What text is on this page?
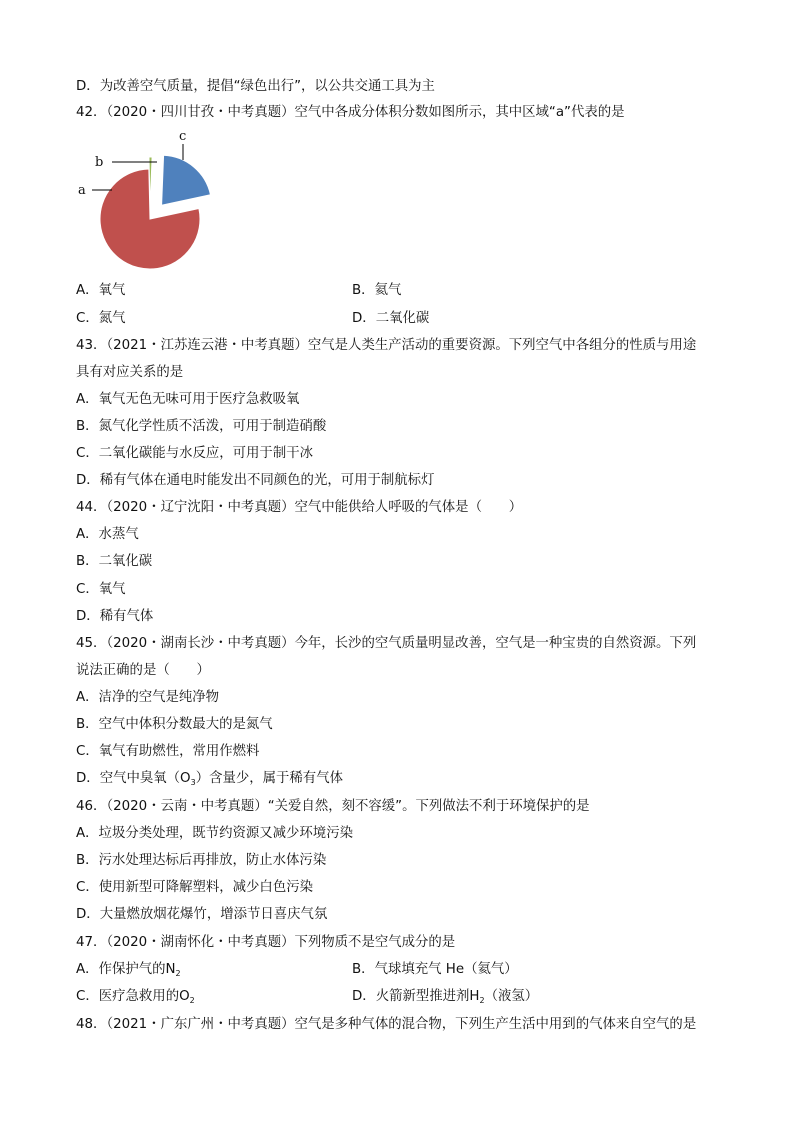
D．为改善空气质量，提倡“绿色出行”，以公共交通工具为主
42．（2020・四川甘孜・中考真题）空气中各成分体积分数如图所示，其中区域“a”代表的是
a
b
c
A．氧气	B．氦气
C．氮气	D．二氧化碳
43．（2021・江苏连云港・中考真题）空气是人类生产活动的重要资源。下列空气中各组分的性质与用途
具有对应关系的是
A．氧气无色无味可用于医疗急救吸氧
B．氮气化学性质不活泼，可用于制造硝酸
C．二氧化碳能与水反应，可用于制干冰
D．稀有气体在通电时能发出不同颜色的光，可用于制航标灯
44．（2020・辽宁沈阳・中考真题）空气中能供给人呼吸的气体是（　　）
A．水蒸气
B．二氧化碳
C．氧气
D．稀有气体
45．（2020・湖南长沙・中考真题）今年，长沙的空气质量明显改善，空气是一种宝贵的自然资源。下列
说法正确的是（　　）
A．洁净的空气是纯净物
B．空气中体积分数最大的是氮气
C．氧气有助燃性，常用作燃料
D．空气中臭氧$(O_3)$含量少，属于稀有气体
46．（2020・云南・中考真题）“关爱自然，刻不容缓”。下列做法不利于环境保护的是
A．垃圾分类处理，既节约资源又减少环境污染
B．污水处理达标后再排放，防止水体污染
C．使用新型可降解塑料，减少白色污染
D．大量燃放烟花爆竹，增添节日喜庆气氛
47．（2020・湖南怀化・中考真题）下列物质不是空气成分的是
A．作保护气的$N_2$	B．气球填充气 He（氦气）
C．医疗急救用的$O_2$	D．火箭新型推进剂$H_2$（液氢）
48．（2021・广东广州・中考真题）空气是多种气体的混合物，下列生产生活中用到的气体来自空气的是
